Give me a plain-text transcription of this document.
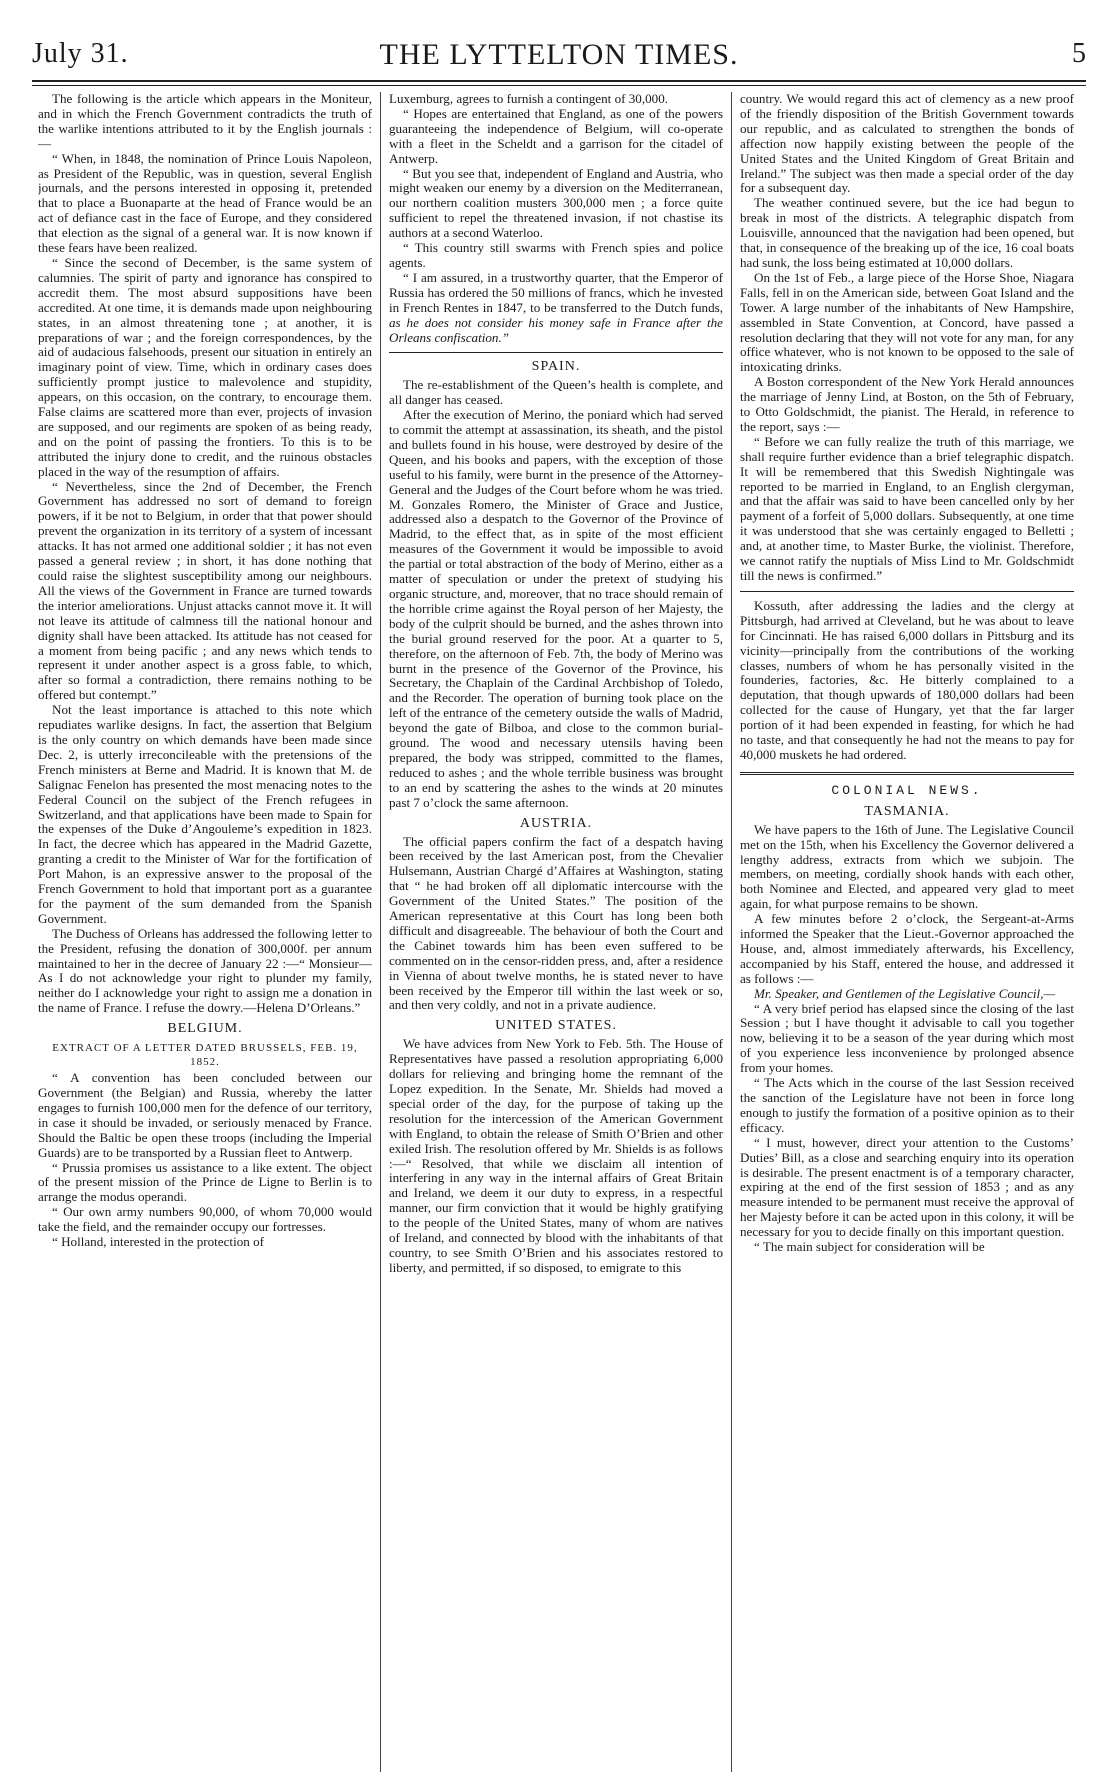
July 31.	THE LYTTELTON TIMES.	5

The following is the article which appears in the Moniteur, and in which the French Government contradicts the truth of the warlike intentions attributed to it by the English journals :—

“ When, in 1848, the nomination of Prince Louis Napoleon, as President of the Republic, was in question, several English journals, and the persons interested in opposing it, pretended that to place a Buonaparte at the head of France would be an act of defiance cast in the face of Europe, and they considered that election as the signal of a general war. It is now known if these fears have been realized.

“ Since the second of December, is the same system of calumnies. The spirit of party and ignorance has conspired to accredit them. The most absurd suppositions have been accredited. At one time, it is demands made upon neighbouring states, in an almost threatening tone ; at another, it is preparations of war ; and the foreign correspondences, by the aid of audacious falsehoods, present our situation in entirely an imaginary point of view. Time, which in ordinary cases does sufficiently prompt justice to malevolence and stupidity, appears, on this occasion, on the contrary, to encourage them. False claims are scattered more than ever, projects of invasion are supposed, and our regiments are spoken of as being ready, and on the point of passing the frontiers. To this is to be attributed the injury done to credit, and the ruinous obstacles placed in the way of the resumption of affairs.

“ Nevertheless, since the 2nd of December, the French Government has addressed no sort of demand to foreign powers, if it be not to Belgium, in order that that power should prevent the organization in its territory of a system of incessant attacks. It has not armed one additional soldier ; it has not even passed a general review ; in short, it has done nothing that could raise the slightest susceptibility among our neighbours. All the views of the Government in France are turned towards the interior ameliorations. Unjust attacks cannot move it. It will not leave its attitude of calmness till the national honour and dignity shall have been attacked. Its attitude has not ceased for a moment from being pacific ; and any news which tends to represent it under another aspect is a gross fable, to which, after so formal a contradiction, there remains nothing to be offered but contempt.”

Not the least importance is attached to this note which repudiates warlike designs. In fact, the assertion that Belgium is the only country on which demands have been made since Dec. 2, is utterly irreconcileable with the pretensions of the French ministers at Berne and Madrid. It is known that M. de Salignac Fenelon has presented the most menacing notes to the Federal Council on the subject of the French refugees in Switzerland, and that applications have been made to Spain for the expenses of the Duke d’Angouleme’s expedition in 1823. In fact, the decree which has appeared in the Madrid Gazette, granting a credit to the Minister of War for the fortification of Port Mahon, is an expressive answer to the proposal of the French Government to hold that important port as a guarantee for the payment of the sum demanded from the Spanish Government.

The Duchess of Orleans has addressed the following letter to the President, refusing the donation of 300,000f. per annum maintained to her in the decree of January 22 :—“ Monsieur— As I do not acknowledge your right to plunder my family, neither do I acknowledge your right to assign me a donation in the name of France. I refuse the dowry.—Helena D’Orleans.”

BELGIUM.
EXTRACT OF A LETTER DATED BRUSSELS, FEB. 19, 1852.

“ A convention has been concluded between our Government (the Belgian) and Russia, whereby the latter engages to furnish 100,000 men for the defence of our territory, in case it should be invaded, or seriously menaced by France. Should the Baltic be open these troops (including the Imperial Guards) are to be transported by a Russian fleet to Antwerp.

“ Prussia promises us assistance to a like extent. The object of the present mission of the Prince de Ligne to Berlin is to arrange the modus operandi.

“ Our own army numbers 90,000, of whom 70,000 would take the field, and the remainder occupy our fortresses.

“ Holland, interested in the protection of

Luxemburg, agrees to furnish a contingent of 30,000.

“ Hopes are entertained that England, as one of the powers guaranteeing the independence of Belgium, will co-operate with a fleet in the Scheldt and a garrison for the citadel of Antwerp.

“ But you see that, independent of England and Austria, who might weaken our enemy by a diversion on the Mediterranean, our northern coalition musters 300,000 men ; a force quite sufficient to repel the threatened invasion, if not chastise its authors at a second Waterloo.

“ This country still swarms with French spies and police agents.

“ I am assured, in a trustworthy quarter, that the Emperor of Russia has ordered the 50 millions of francs, which he invested in French Rentes in 1847, to be transferred to the Dutch funds, as he does not consider his money safe in France after the Orleans confiscation.”

SPAIN.

The re-establishment of the Queen’s health is complete, and all danger has ceased.

After the execution of Merino, the poniard which had served to commit the attempt at assassination, its sheath, and the pistol and bullets found in his house, were destroyed by desire of the Queen, and his books and papers, with the exception of those useful to his family, were burnt in the presence of the Attorney-General and the Judges of the Court before whom he was tried. M. Gonzales Romero, the Minister of Grace and Justice, addressed also a despatch to the Governor of the Province of Madrid, to the effect that, as in spite of the most efficient measures of the Government it would be impossible to avoid the partial or total abstraction of the body of Merino, either as a matter of speculation or under the pretext of studying his organic structure, and, moreover, that no trace should remain of the horrible crime against the Royal person of her Majesty, the body of the culprit should be burned, and the ashes thrown into the burial ground reserved for the poor. At a quarter to 5, therefore, on the afternoon of Feb. 7th, the body of Merino was burnt in the presence of the Governor of the Province, his Secretary, the Chaplain of the Cardinal Archbishop of Toledo, and the Recorder. The operation of burning took place on the left of the entrance of the cemetery outside the walls of Madrid, beyond the gate of Bilboa, and close to the common burial-ground. The wood and necessary utensils having been prepared, the body was stripped, committed to the flames, reduced to ashes ; and the whole terrible business was brought to an end by scattering the ashes to the winds at 20 minutes past 7 o’clock the same afternoon.

AUSTRIA.

The official papers confirm the fact of a despatch having been received by the last American post, from the Chevalier Hulsemann, Austrian Chargé d’Affaires at Washington, stating that “ he had broken off all diplomatic intercourse with the Government of the United States.” The position of the American representative at this Court has long been both difficult and disagreeable. The behaviour of both the Court and the Cabinet towards him has been even suffered to be commented on in the censor-ridden press, and, after a residence in Vienna of about twelve months, he is stated never to have been received by the Emperor till within the last week or so, and then very coldly, and not in a private audience.

UNITED STATES.

We have advices from New York to Feb. 5th. The House of Representatives have passed a resolution appropriating 6,000 dollars for relieving and bringing home the remnant of the Lopez expedition. In the Senate, Mr. Shields had moved a special order of the day, for the purpose of taking up the resolution for the intercession of the American Government with England, to obtain the release of Smith O’Brien and other exiled Irish. The resolution offered by Mr. Shields is as follows :—“ Resolved, that while we disclaim all intention of interfering in any way in the internal affairs of Great Britain and Ireland, we deem it our duty to express, in a respectful manner, our firm conviction that it would be highly gratifying to the people of the United States, many of whom are natives of Ireland, and connected by blood with the inhabitants of that country, to see Smith O’Brien and his associates restored to liberty, and permitted, if so disposed, to emigrate to this

country. We would regard this act of clemency as a new proof of the friendly disposition of the British Government towards our republic, and as calculated to strengthen the bonds of affection now happily existing between the people of the United States and the United Kingdom of Great Britain and Ireland.” The subject was then made a special order of the day for a subsequent day.

The weather continued severe, but the ice had begun to break in most of the districts. A telegraphic dispatch from Louisville, announced that the navigation had been opened, but that, in consequence of the breaking up of the ice, 16 coal boats had sunk, the loss being estimated at 10,000 dollars.

On the 1st of Feb., a large piece of the Horse Shoe, Niagara Falls, fell in on the American side, between Goat Island and the Tower. A large number of the inhabitants of New Hampshire, assembled in State Convention, at Concord, have passed a resolution declaring that they will not vote for any man, for any office whatever, who is not known to be opposed to the sale of intoxicating drinks.

A Boston correspondent of the New York Herald announces the marriage of Jenny Lind, at Boston, on the 5th of February, to Otto Goldschmidt, the pianist. The Herald, in reference to the report, says :—

“ Before we can fully realize the truth of this marriage, we shall require further evidence than a brief telegraphic dispatch. It will be remembered that this Swedish Nightingale was reported to be married in England, to an English clergyman, and that the affair was said to have been cancelled only by her payment of a forfeit of 5,000 dollars. Subsequently, at one time it was understood that she was certainly engaged to Belletti ; and, at another time, to Master Burke, the violinist. Therefore, we cannot ratify the nuptials of Miss Lind to Mr. Goldschmidt till the news is confirmed.”

Kossuth, after addressing the ladies and the clergy at Pittsburgh, had arrived at Cleveland, but he was about to leave for Cincinnati. He has raised 6,000 dollars in Pittsburg and its vicinity—principally from the contributions of the working classes, numbers of whom he has personally visited in the founderies, factories, &c. He bitterly complained to a deputation, that though upwards of 180,000 dollars had been collected for the cause of Hungary, yet that the far larger portion of it had been expended in feasting, for which he had no taste, and that consequently he had not the means to pay for 40,000 muskets he had ordered.

COLONIAL NEWS.
TASMANIA.

We have papers to the 16th of June. The Legislative Council met on the 15th, when his Excellency the Governor delivered a lengthy address, extracts from which we subjoin. The members, on meeting, cordially shook hands with each other, both Nominee and Elected, and appeared very glad to meet again, for what purpose remains to be shown.

A few minutes before 2 o’clock, the Sergeant-at-Arms informed the Speaker that the Lieut.-Governor approached the House, and, almost immediately afterwards, his Excellency, accompanied by his Staff, entered the house, and addressed it as follows :—

Mr. Speaker, and Gentlemen of the Legislative Council,—

“ A very brief period has elapsed since the closing of the last Session ; but I have thought it advisable to call you together now, believing it to be a season of the year during which most of you experience less inconvenience by prolonged absence from your homes.

“ The Acts which in the course of the last Session received the sanction of the Legislature have not been in force long enough to justify the formation of a positive opinion as to their efficacy.

“ I must, however, direct your attention to the Customs’ Duties’ Bill, as a close and searching enquiry into its operation is desirable. The present enactment is of a temporary character, expiring at the end of the first session of 1853 ; and as any measure intended to be permanent must receive the approval of her Majesty before it can be acted upon in this colony, it will be necessary for you to decide finally on this important question.

“ The main subject for consideration will be
